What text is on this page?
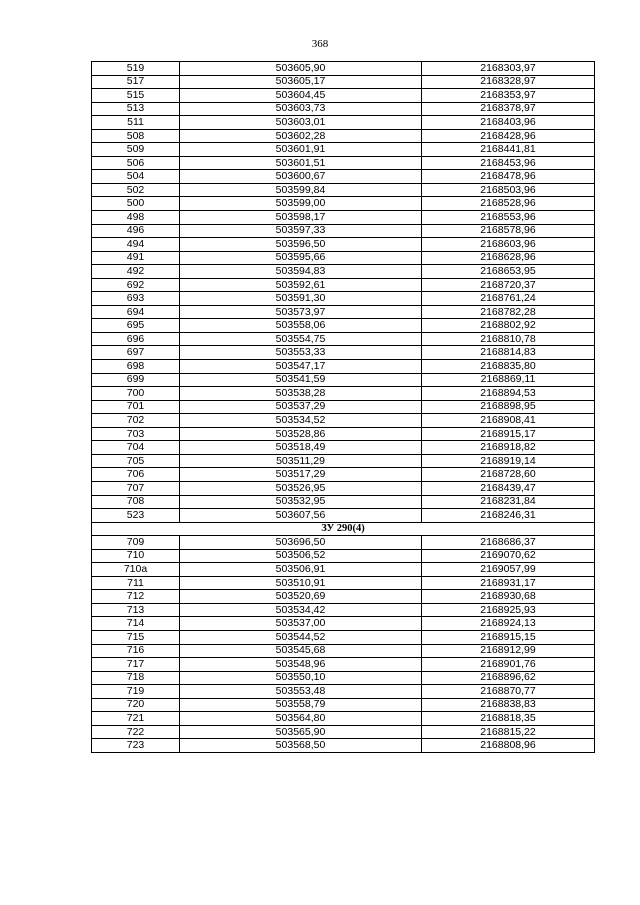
368
519	503605,90	2168303,97
517	503605,17	2168328,97
515	503604,45	2168353,97
513	503603,73	2168378,97
511	503603,01	2168403,96
508	503602,28	2168428,96
509	503601,91	2168441,81
506	503601,51	2168453,96
504	503600,67	2168478,96
502	503599,84	2168503,96
500	503599,00	2168528,96
498	503598,17	2168553,96
496	503597,33	2168578,96
494	503596,50	2168603,96
491	503595,66	2168628,96
492	503594,83	2168653,95
692	503592,61	2168720,37
693	503591,30	2168761,24
694	503573,97	2168782,28
695	503558,06	2168802,92
696	503554,75	2168810,78
697	503553,33	2168814,83
698	503547,17	2168835,80
699	503541,59	2168869,11
700	503538,28	2168894,53
701	503537,29	2168898,95
702	503534,52	2168908,41
703	503528,86	2168915,17
704	503518,49	2168918,82
705	503511,29	2168919,14
706	503517,29	2168728,60
707	503526,95	2168439,47
708	503532,95	2168231,84
523	503607,56	2168246,31
ЗУ 290(4)		
709	503696,50	2168686,37
710	503506,52	2169070,62
710а	503506,91	2169057,99
711	503510,91	2168931,17
712	503520,69	2168930,68
713	503534,42	2168925,93
714	503537,00	2168924,13
715	503544,52	2168915,15
716	503545,68	2168912,99
717	503548,96	2168901,76
718	503550,10	2168896,62
719	503553,48	2168870,77
720	503558,79	2168838,83
721	503564,80	2168818,35
722	503565,90	2168815,22
723	503568,50	2168808,96
